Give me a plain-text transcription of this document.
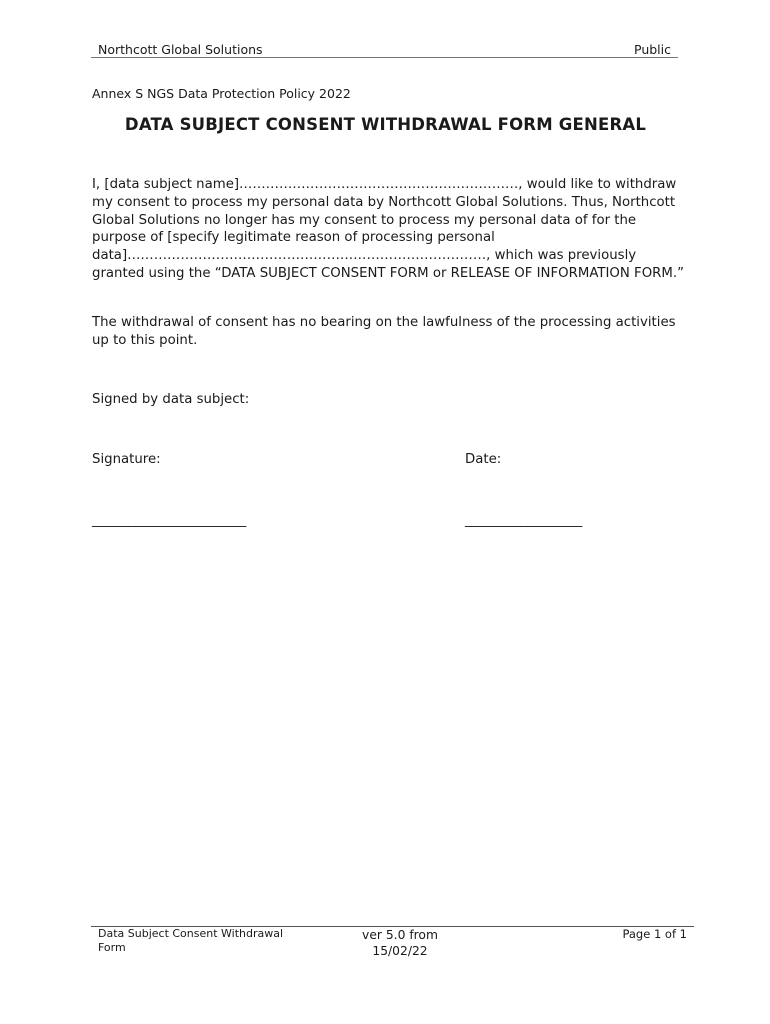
Northcott Global Solutions	Public
Annex S NGS Data Protection Policy 2022
DATA SUBJECT CONSENT WITHDRAWAL FORM GENERAL
I, [data subject name]………………………………………………………, would like to withdraw my consent to process my personal data by Northcott Global Solutions. Thus, Northcott Global Solutions no longer has my consent to process my personal data of for the purpose of [specify legitimate reason of processing personal data]………………………………………………………………………, which was previously granted using the “DATA SUBJECT CONSENT FORM or RELEASE OF INFORMATION FORM.”
The withdrawal of consent has no bearing on the lawfulness of the processing activities up to this point.
Signed by data subject:
Signature:	Date:
_________________________	___________________
Data Subject Consent Withdrawal Form
ver 5.0 from 15/02/22
Page 1 of 1
